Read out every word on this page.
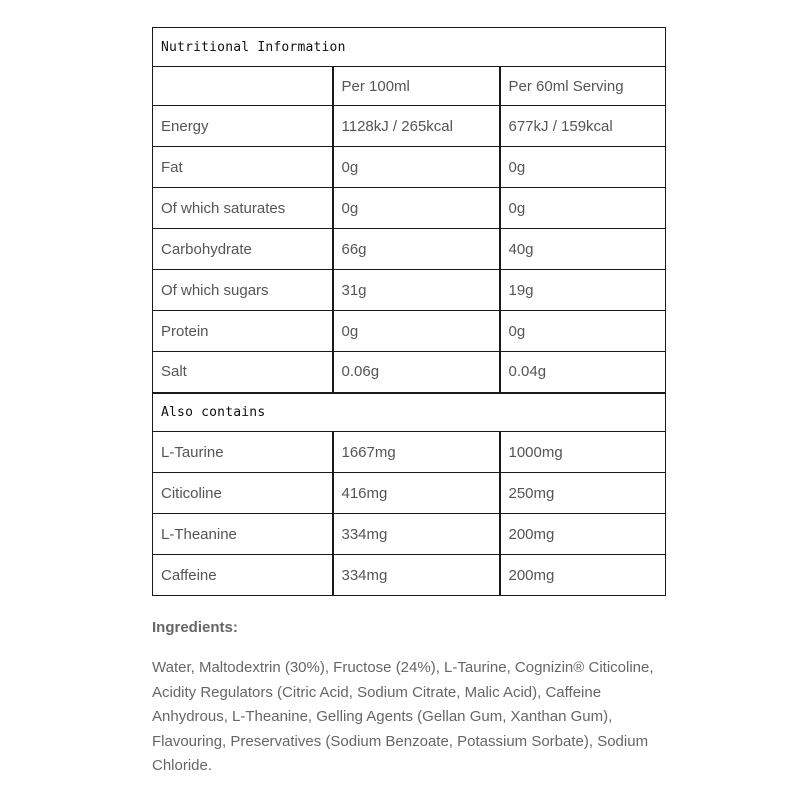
Nutritional Information		
	Per 100ml	Per 60ml Serving
Energy	1128kJ / 265kcal	677kJ / 159kcal
Fat	0g	0g
Of which saturates	0g	0g
Carbohydrate	66g	40g
Of which sugars	31g	19g
Protein	0g	0g
Salt	0.06g	0.04g
Also contains		
L-Taurine	1667mg	1000mg
Citicoline	416mg	250mg
L-Theanine	334mg	200mg
Caffeine	334mg	200mg

Ingredients:

Water, Maltodextrin (30%), Fructose (24%), L-Taurine, Cognizin® Citicoline, Acidity Regulators (Citric Acid, Sodium Citrate, Malic Acid), Caffeine Anhydrous, L-Theanine, Gelling Agents (Gellan Gum, Xanthan Gum), Flavouring, Preservatives (Sodium Benzoate, Potassium Sorbate), Sodium Chloride.
